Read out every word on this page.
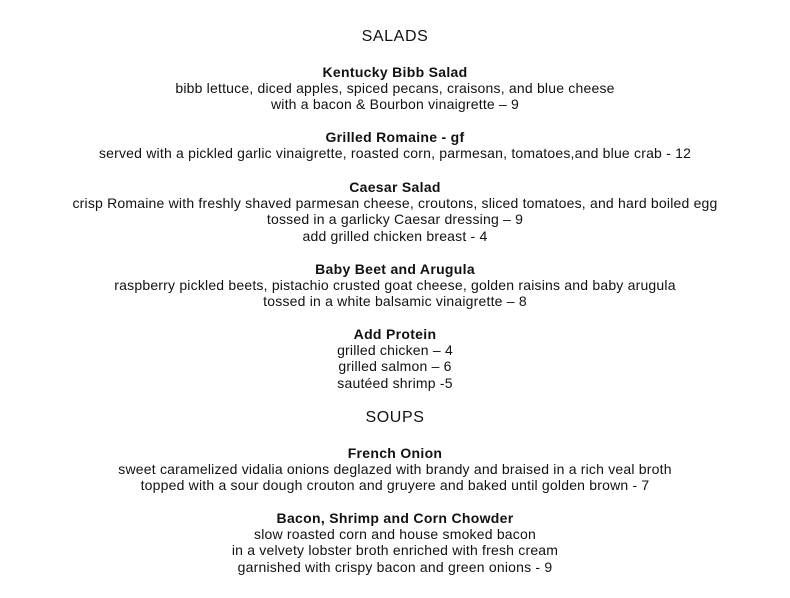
SALADS
Kentucky Bibb Salad
bibb lettuce, diced apples, spiced pecans, craisons, and blue cheese
with a bacon & Bourbon vinaigrette – 9
Grilled Romaine - gf
served with a pickled garlic vinaigrette, roasted corn, parmesan, tomatoes,and blue crab - 12
Caesar Salad
crisp Romaine with freshly shaved parmesan cheese, croutons, sliced tomatoes, and hard boiled egg
tossed in a garlicky Caesar dressing – 9
add grilled chicken breast - 4
Baby Beet and Arugula
raspberry pickled beets, pistachio crusted goat cheese, golden raisins and baby arugula
tossed in a white balsamic vinaigrette – 8
Add Protein
grilled chicken – 4
grilled salmon – 6
sautéed shrimp -5
SOUPS
French Onion
sweet caramelized vidalia onions deglazed with brandy and braised in a rich veal broth
topped with a sour dough crouton and gruyere and baked until golden brown - 7
Bacon, Shrimp and Corn Chowder
slow roasted corn and house smoked bacon
in a velvety lobster broth enriched with fresh cream
garnished with crispy bacon and green onions - 9
